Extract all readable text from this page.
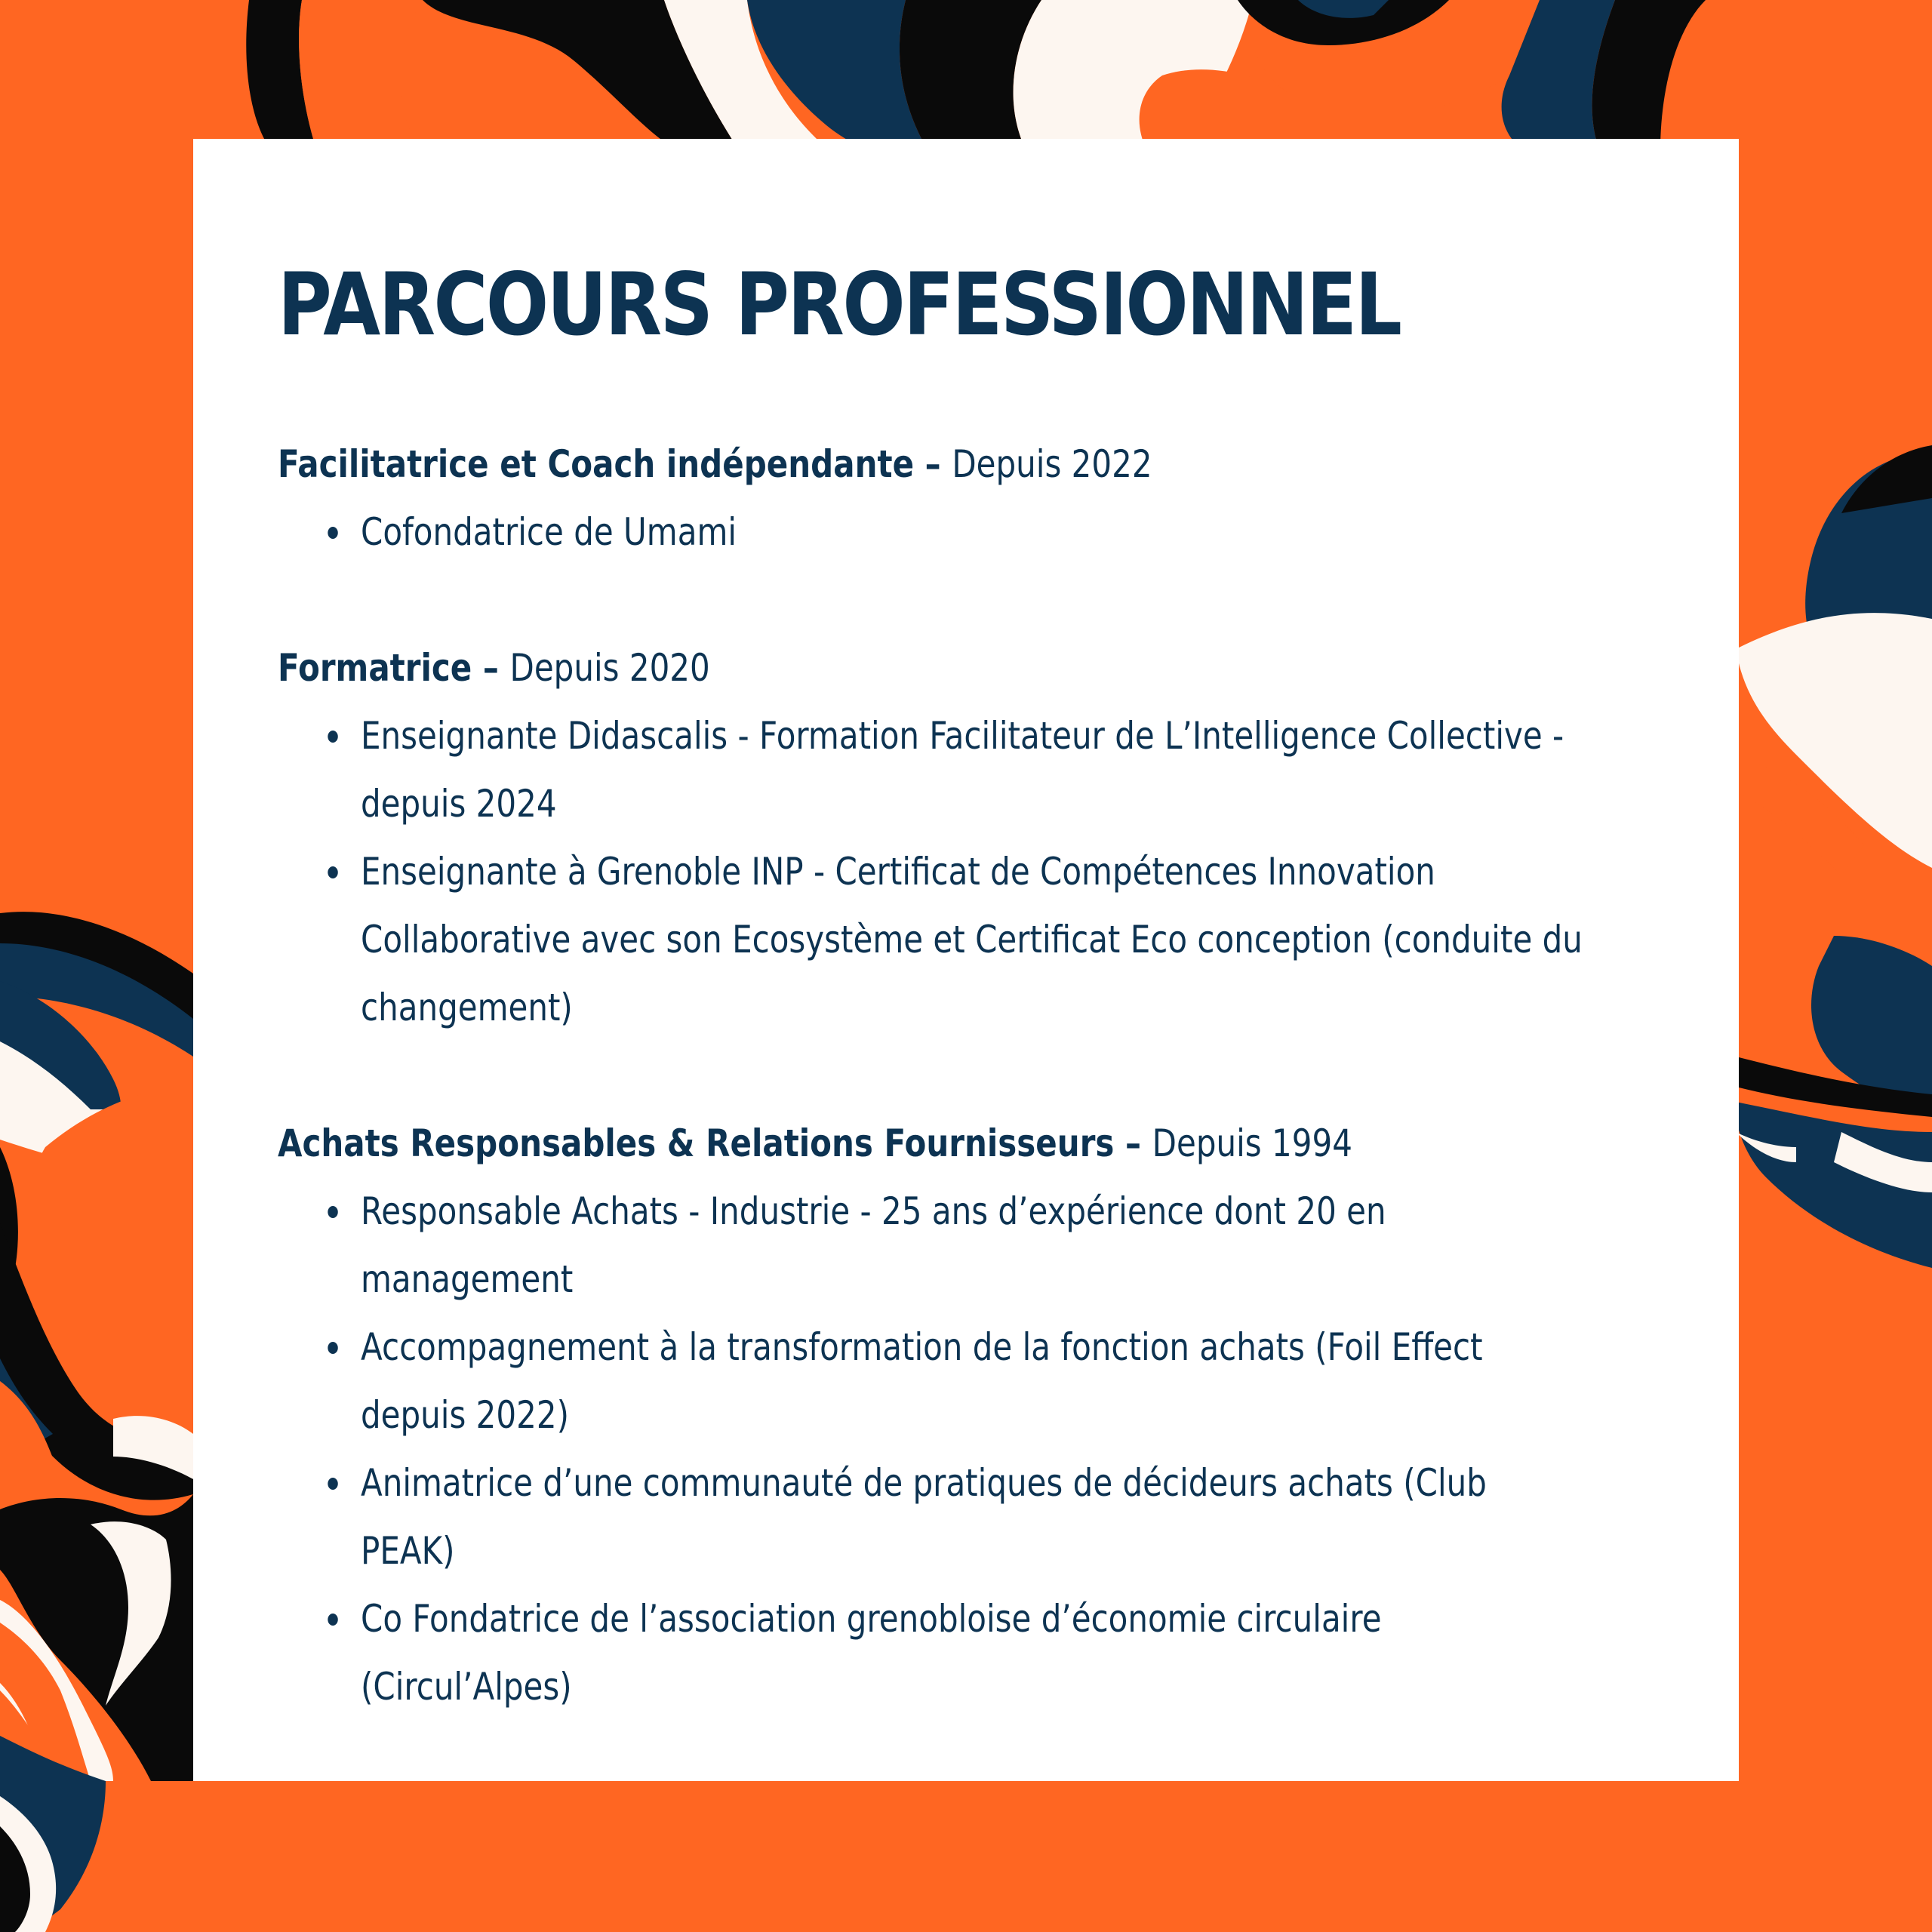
PARCOURS PROFESSIONNEL
Facilitatrice et Coach indépendante – Depuis 2022
Cofondatrice de Umami
Formatrice – Depuis 2020
Enseignante Didascalis - Formation Facilitateur de L’Intelligence Collective - depuis 2024
Enseignante à Grenoble INP - Certificat de Compétences Innovation Collaborative avec son Ecosystème et Certificat Eco conception (conduite du changement)
Achats Responsables & Relations Fournisseurs – Depuis 1994
Responsable Achats - Industrie - 25 ans d’expérience dont 20 en management
Accompagnement à la transformation de la fonction achats (Foil Effect depuis 2022)
Animatrice d’une communauté de pratiques de décideurs achats (Club PEAK)
Co Fondatrice de l’association grenobloise d’économie circulaire (Circul’Alpes)
